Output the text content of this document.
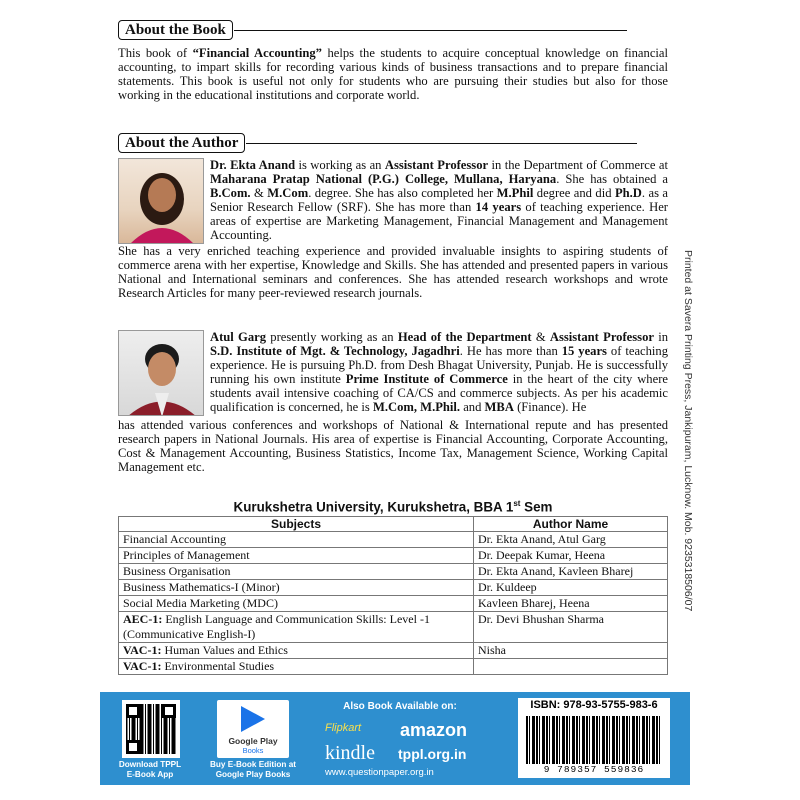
About the Book

This book of “Financial Accounting” helps the students to acquire conceptual knowledge on financial accounting, to impart skills for recording various kinds of business transactions and to prepare financial statements. This book is useful not only for students who are pursuing their studies but also for those working in the educational institutions and corporate world.

About the Author

Dr. Ekta Anand is working as an Assistant Professor in the Department of Commerce at Maharana Pratap National (P.G.) College, Mullana, Haryana. She has obtained a B.Com. & M.Com. degree. She has also completed her M.Phil degree and did Ph.D. as a Senior Research Fellow (SRF). She has more than 14 years of teaching experience. Her areas of expertise are Marketing Management, Financial Management and Management Accounting.

She has a very enriched teaching experience and provided invaluable insights to aspiring students of commerce arena with her expertise, Knowledge and Skills. She has attended and presented papers in various National and International seminars and conferences. She has attended research workshops and wrote Research Articles for many peer-reviewed research journals.

Atul Garg presently working as an Head of the Department & Assistant Professor in S.D. Institute of Mgt. & Technology, Jagadhri. He has more than 15 years of teaching experience. He is pursuing Ph.D. from Desh Bhagat University, Punjab. He is successfully running his own institute Prime Institute of Commerce in the heart of the city where students avail intensive coaching of CA/CS and commerce subjects. As per his academic qualification is concerned, he is M.Com, M.Phil. and MBA (Finance). He

has attended various conferences and workshops of National & International repute and has presented research papers in National Journals. His area of expertise is Financial Accounting, Corporate Accounting, Cost & Management Accounting, Business Statistics, Income Tax, Management Science, Working Capital Management etc.

Kurukshetra University, Kurukshetra, BBA 1st Sem
Subjects	Author Name
Financial Accounting	Dr. Ekta Anand, Atul Garg
Principles of Management	Dr. Deepak Kumar, Heena
Business Organisation	Dr. Ekta Anand, Kavleen Bharej
Business Mathematics-I (Minor)	Dr. Kuldeep
Social Media Marketing (MDC)	Kavleen Bharej, Heena
AEC-1: English Language and Communication Skills: Level -1 (Communicative English-I)	Dr. Devi Bhushan Sharma
VAC-1: Human Values and Ethics	Nisha
VAC-1: Environmental Studies	
Printed at Savera Printing Press, Jankipuram, Lucknow. Mob. 9235318506/07
Download TPPL
E-Book App
Google Play
Books
Buy E-Book Edition at
Google Play Books
Also Book Available on:
Flipkart amazon
kindle tppl.org.in
www.questionpaper.org.in
ISBN: 978-93-5755-983-6
9 789357 559836
